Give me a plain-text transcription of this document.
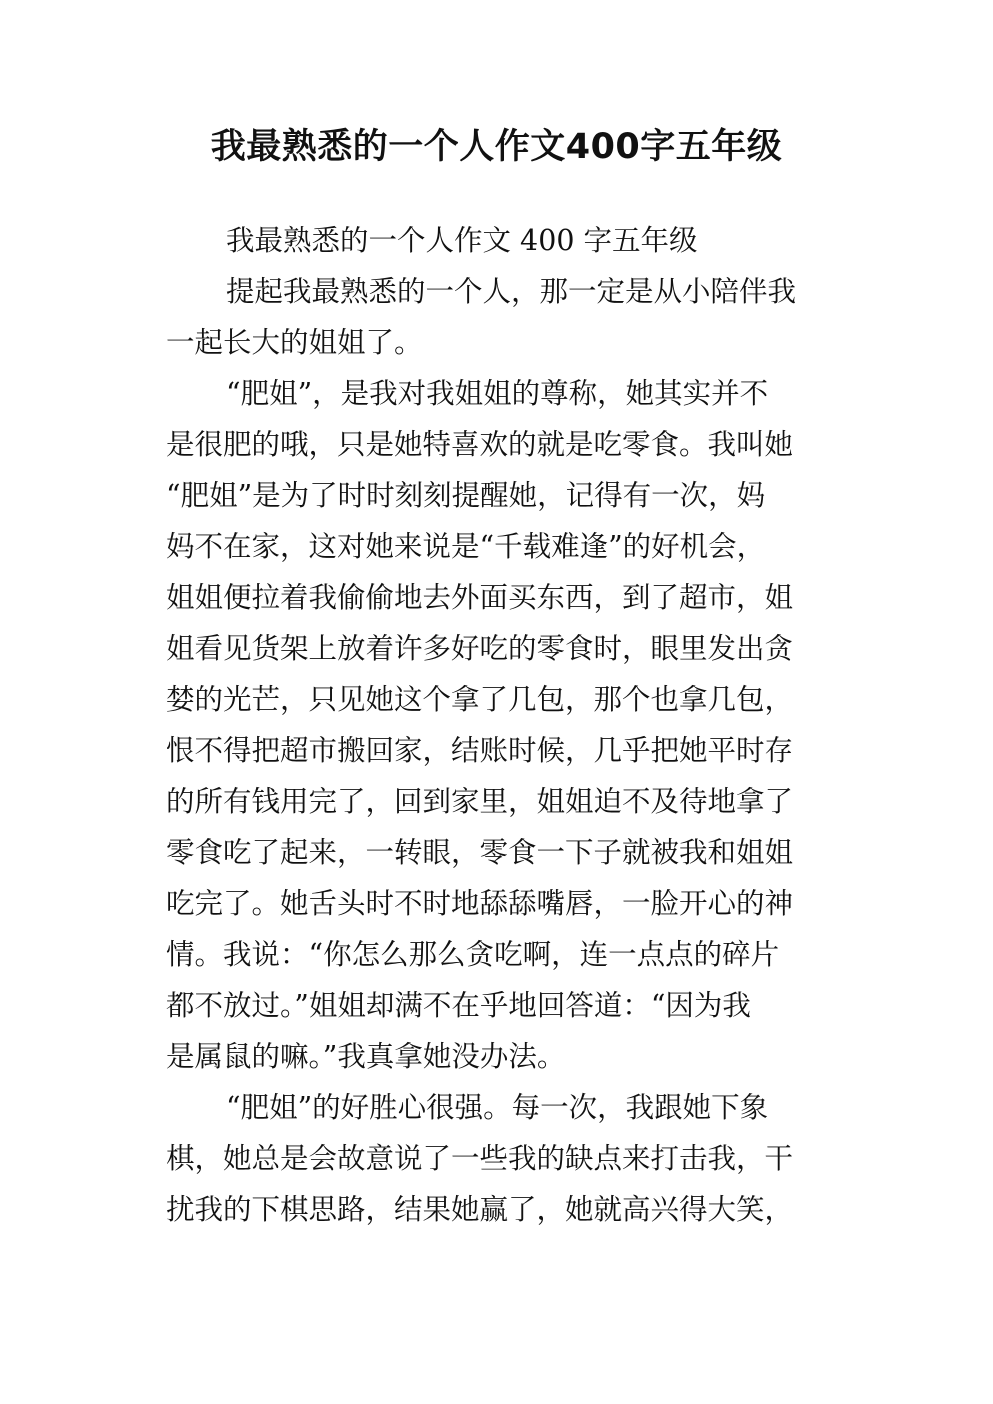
我最熟悉的一个人作文400字五年级
我最熟悉的一个人作文 400 字五年级
提起我最熟悉的一个人，那一定是从小陪伴我
一起长大的姐姐了。
“肥姐”，是我对我姐姐的尊称，她其实并不
是很肥的哦，只是她特喜欢的就是吃零食。我叫她
“肥姐”是为了时时刻刻提醒她，记得有一次，妈
妈不在家，这对她来说是“千载难逢”的好机会，
姐姐便拉着我偷偷地去外面买东西，到了超市，姐
姐看见货架上放着许多好吃的零食时，眼里发出贪
婪的光芒，只见她这个拿了几包，那个也拿几包，
恨不得把超市搬回家，结账时候，几乎把她平时存
的所有钱用完了，回到家里，姐姐迫不及待地拿了
零食吃了起来，一转眼，零食一下子就被我和姐姐
吃完了。她舌头时不时地舔舔嘴唇，一脸开心的神
情。我说：“你怎么那么贪吃啊，连一点点的碎片
都不放过。”姐姐却满不在乎地回答道：“因为我
是属鼠的嘛。”我真拿她没办法。
“肥姐”的好胜心很强。每一次，我跟她下象
棋，她总是会故意说了一些我的缺点来打击我，干
扰我的下棋思路，结果她赢了，她就高兴得大笑，
